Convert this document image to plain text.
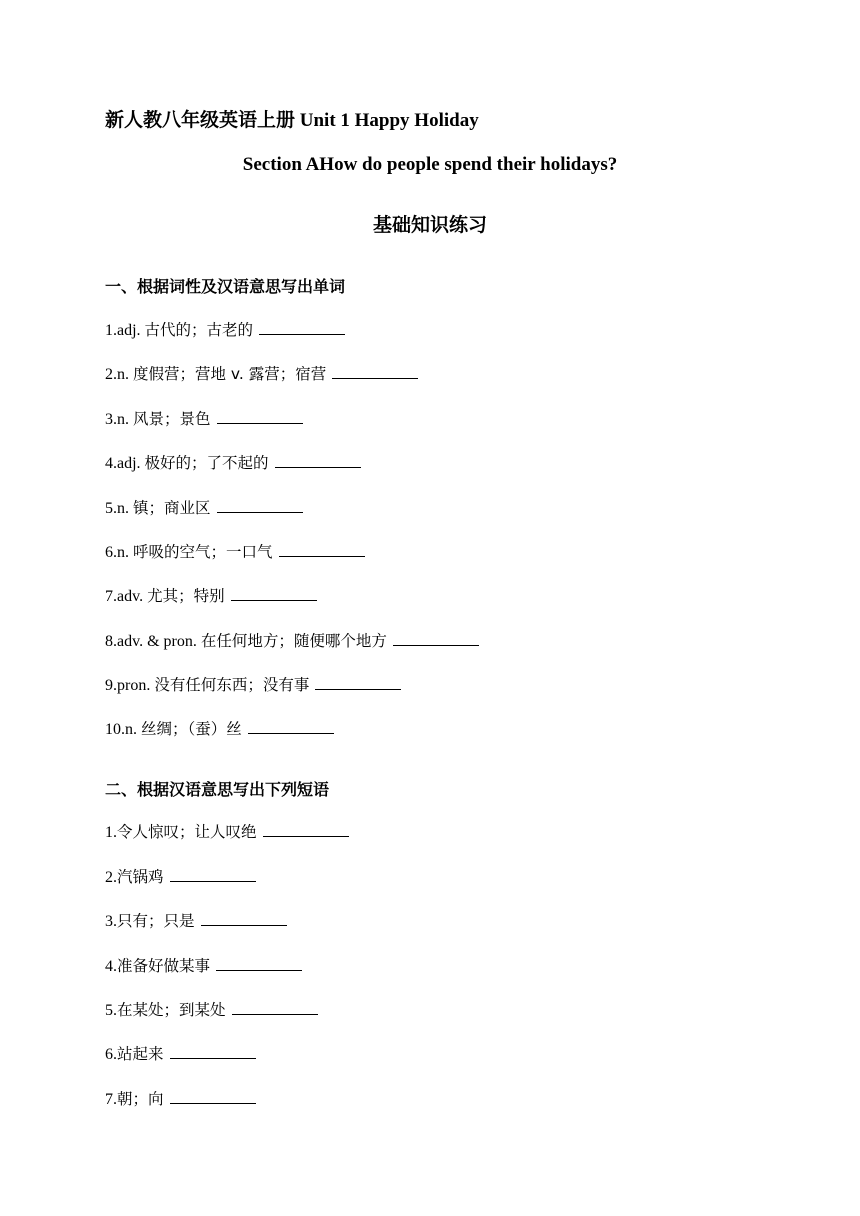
新人教八年级英语上册 Unit 1 Happy Holiday
Section AHow do people spend their holidays?
基础知识练习
一、根据词性及汉语意思写出单词
1.adj. 古代的；古老的
2.n. 度假营；营地 v. 露营；宿营
3.n. 风景；景色
4.adj. 极好的；了不起的
5.n. 镇；商业区
6.n. 呼吸的空气；一口气
7.adv. 尤其；特别
8.adv. & pron. 在任何地方；随便哪个地方
9.pron. 没有任何东西；没有事
10.n. 丝绸；（蚕）丝
二、根据汉语意思写出下列短语
1.令人惊叹；让人叹绝
2.汽锅鸡
3.只有；只是
4.准备好做某事
5.在某处；到某处
6.站起来
7.朝；向
